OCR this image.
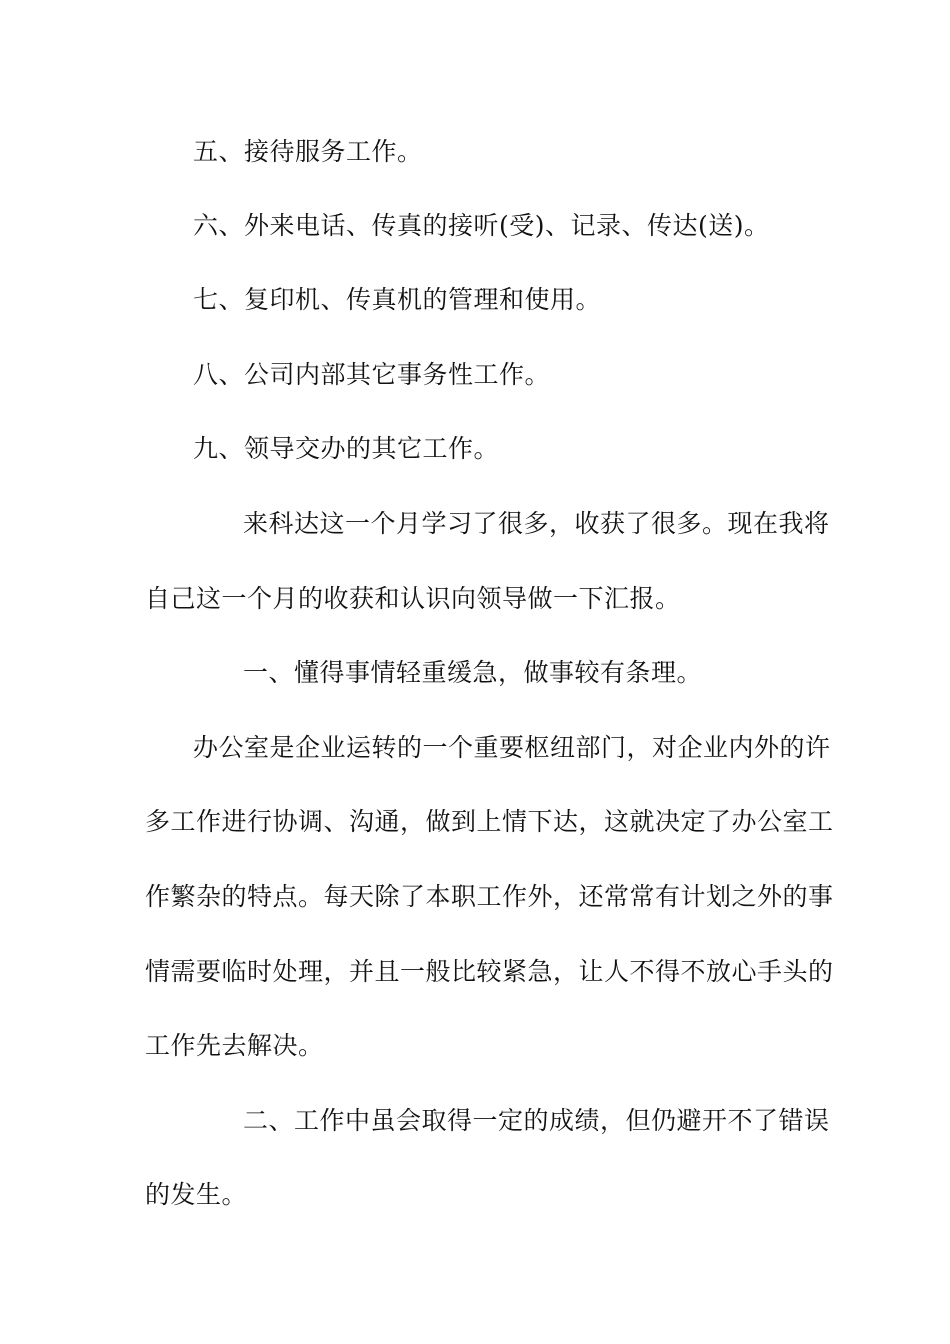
五、接待服务工作。
六、外来电话、传真的接听(受)、记录、传达(送)。
七、复印机、传真机的管理和使用。
八、公司内部其它事务性工作。
九、领导交办的其它工作。
来科达这一个月学习了很多，收获了很多。现在我将
自己这一个月的收获和认识向领导做一下汇报。
一、懂得事情轻重缓急，做事较有条理。
办公室是企业运转的一个重要枢纽部门，对企业内外的许
多工作进行协调、沟通，做到上情下达，这就决定了办公室工
作繁杂的特点。每天除了本职工作外，还常常有计划之外的事
情需要临时处理，并且一般比较紧急，让人不得不放心手头的
工作先去解决。
二、工作中虽会取得一定的成绩，但仍避开不了错误
的发生。
